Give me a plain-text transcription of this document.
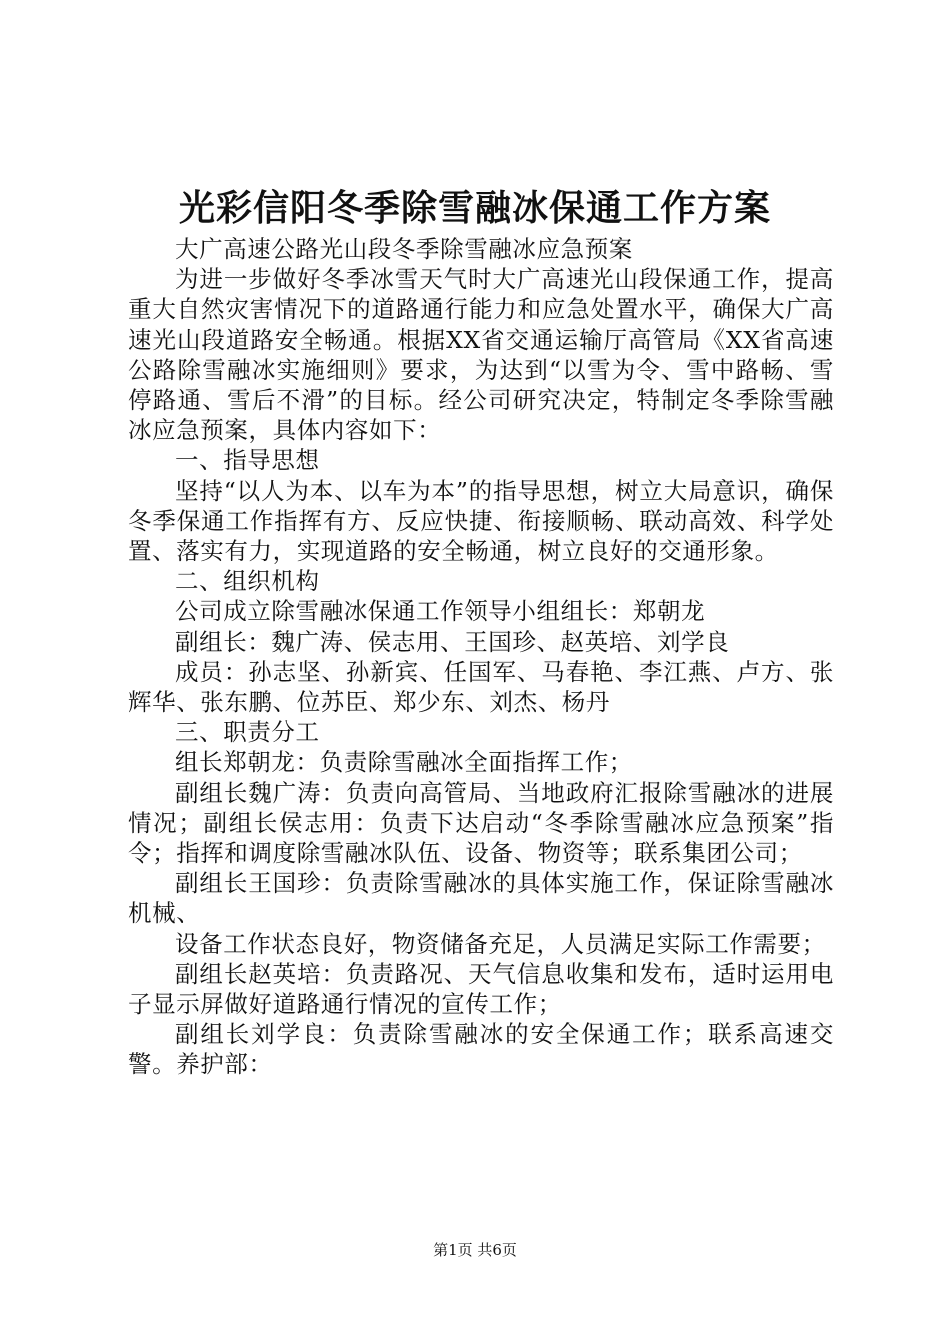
光彩信阳冬季除雪融冰保通工作方案

大广高速公路光山段冬季除雪融冰应急预案

为进一步做好冬季冰雪天气时大广高速光山段保通工作，提高重大自然灾害情况下的道路通行能力和应急处置水平，确保大广高速光山段道路安全畅通。根据XX省交通运输厅高管局《XX省高速公路除雪融冰实施细则》要求，为达到“以雪为令、雪中路畅、雪停路通、雪后不滑”的目标。经公司研究决定，特制定冬季除雪融冰应急预案，具体内容如下：

一、指导思想

坚持“以人为本、以车为本”的指导思想，树立大局意识，确保冬季保通工作指挥有方、反应快捷、衔接顺畅、联动高效、科学处置、落实有力，实现道路的安全畅通，树立良好的交通形象。

二、组织机构

公司成立除雪融冰保通工作领导小组组长：郑朝龙

副组长：魏广涛、侯志用、王国珍、赵英培、刘学良

成员：孙志坚、孙新宾、任国军、马春艳、李江燕、卢方、张辉华、张东鹏、位苏臣、郑少东、刘杰、杨丹

三、职责分工

组长郑朝龙：负责除雪融冰全面指挥工作；

副组长魏广涛：负责向高管局、当地政府汇报除雪融冰的进展情况；副组长侯志用：负责下达启动“冬季除雪融冰应急预案”指令；指挥和调度除雪融冰队伍、设备、物资等；联系集团公司；

副组长王国珍：负责除雪融冰的具体实施工作，保证除雪融冰机械、

设备工作状态良好，物资储备充足，人员满足实际工作需要；

副组长赵英培：负责路况、天气信息收集和发布，适时运用电子显示屏做好道路通行情况的宣传工作；

副组长刘学良：负责除雪融冰的安全保通工作；联系高速交警。养护部：

第1页 共6页
